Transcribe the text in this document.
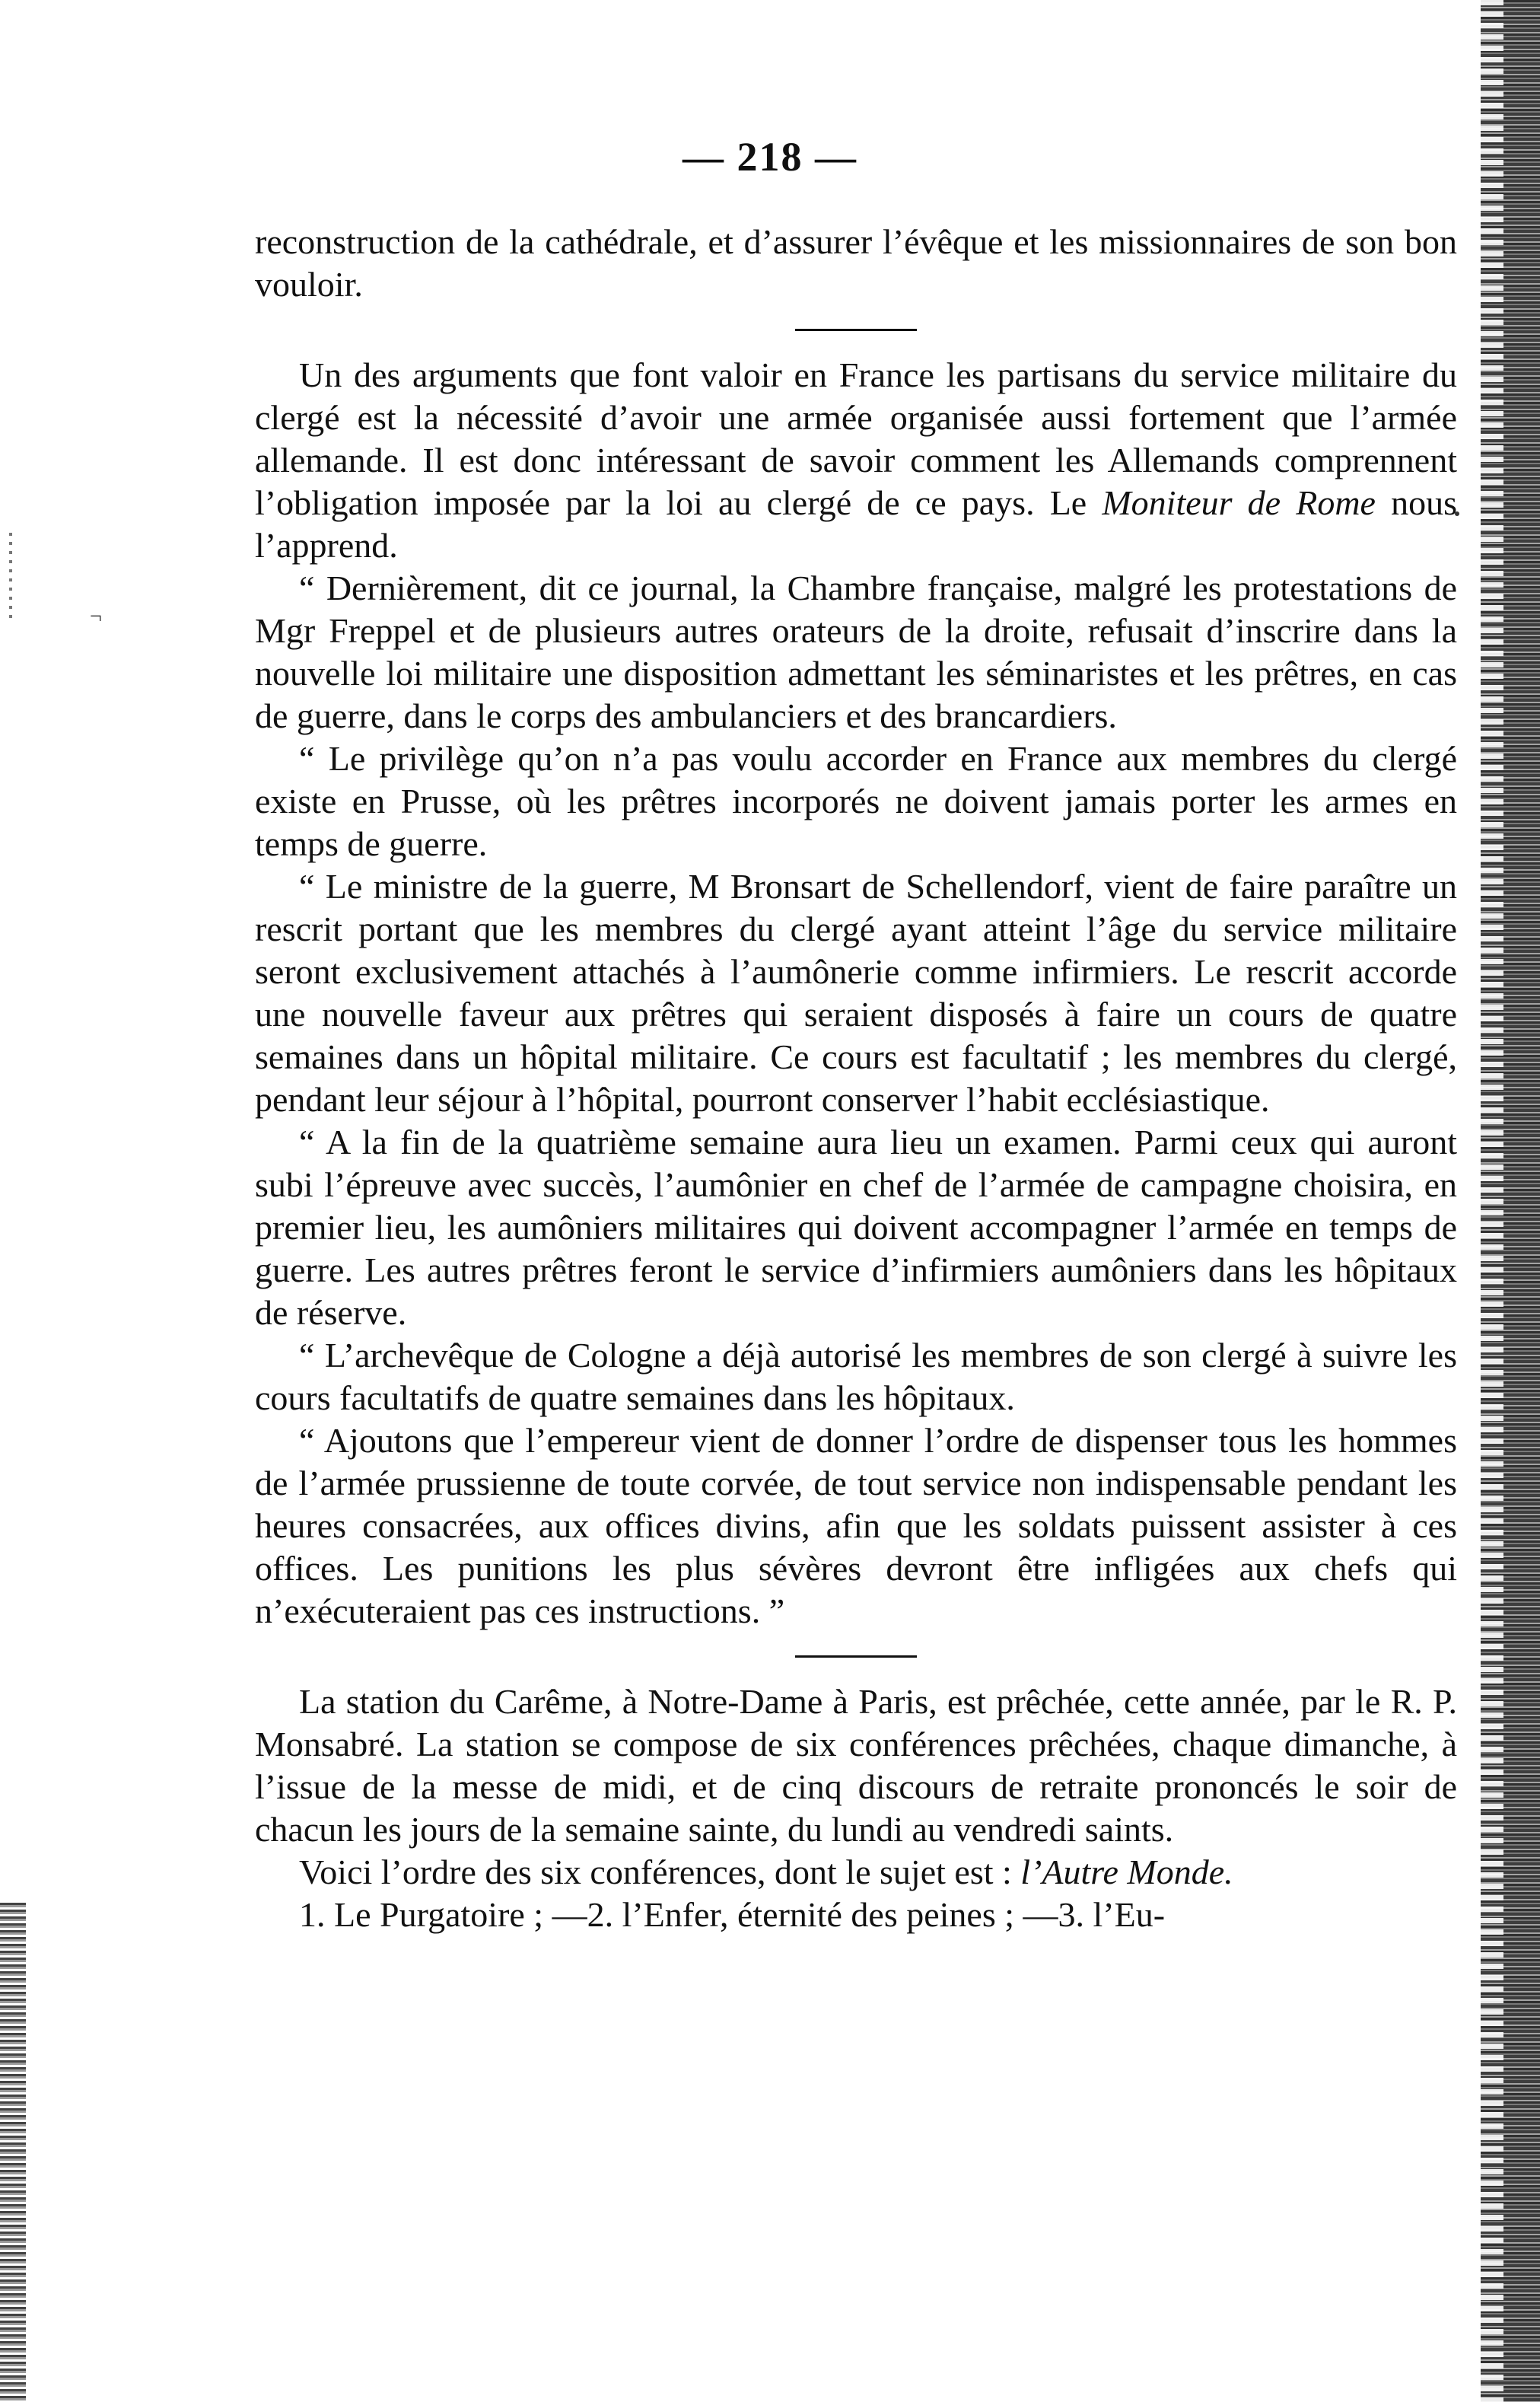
¬
— 218 —

reconstruction de la cathédrale, et d’assurer l’évêque et les missionnaires de son bon vouloir.

Un des arguments que font valoir en France les partisans du service militaire du clergé est la nécessité d’avoir une armée organisée aussi fortement que l’armée allemande. Il est donc intéressant de savoir comment les Allemands comprennent l’obligation imposée par la loi au clergé de ce pays. Le Moniteur de Rome nous l’apprend.

“ Dernièrement, dit ce journal, la Chambre française, malgré les protestations de Mgr Freppel et de plusieurs autres orateurs de la droite, refusait d’inscrire dans la nouvelle loi militaire une disposition admettant les séminaristes et les prêtres, en cas de guerre, dans le corps des ambulanciers et des brancardiers.

“ Le privilège qu’on n’a pas voulu accorder en France aux membres du clergé existe en Prusse, où les prêtres incorporés ne doivent jamais porter les armes en temps de guerre.

“ Le ministre de la guerre, M Bronsart de Schellendorf, vient de faire paraître un rescrit portant que les membres du clergé ayant atteint l’âge du service militaire seront exclusivement attachés à l’aumônerie comme infirmiers. Le rescrit accorde une nouvelle faveur aux prêtres qui seraient disposés à faire un cours de quatre semaines dans un hôpital militaire. Ce cours est facultatif ; les membres du clergé, pendant leur séjour à l’hôpital, pourront conserver l’habit ecclésiastique.

“ A la fin de la quatrième semaine aura lieu un examen. Parmi ceux qui auront subi l’épreuve avec succès, l’aumônier en chef de l’armée de campagne choisira, en premier lieu, les aumôniers militaires qui doivent accompagner l’armée en temps de guerre. Les autres prêtres feront le service d’infirmiers aumôniers dans les hôpitaux de réserve.

“ L’archevêque de Cologne a déjà autorisé les membres de son clergé à suivre les cours facultatifs de quatre semaines dans les hôpitaux.

“ Ajoutons que l’empereur vient de donner l’ordre de dispenser tous les hommes de l’armée prussienne de toute corvée, de tout service non indispensable pendant les heures consacrées, aux offices divins, afin que les soldats puissent assister à ces offices. Les punitions les plus sévères devront être infligées aux chefs qui n’exécuteraient pas ces instructions. ”

La station du Carême, à Notre-Dame à Paris, est prêchée, cette année, par le R. P. Monsabré. La station se compose de six conférences prêchées, chaque dimanche, à l’issue de la messe de midi, et de cinq discours de retraite prononcés le soir de chacun les jours de la semaine sainte, du lundi au vendredi saints.

Voici l’ordre des six conférences, dont le sujet est : l’Autre Monde.

1. Le Purgatoire ; —2. l’Enfer, éternité des peines ; —3. l’Eu-
